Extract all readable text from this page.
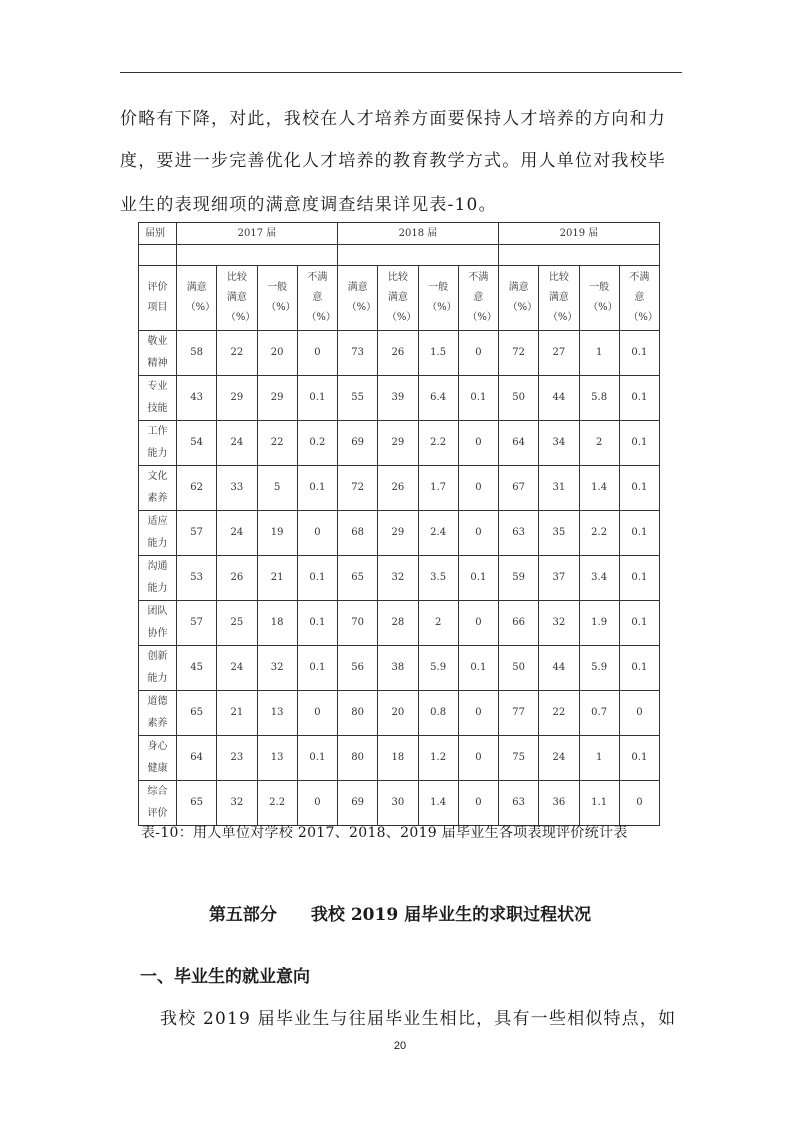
价略有下降，对此，我校在人才培养方面要保持人才培养的方向和力
度，要进一步完善优化人才培养的教育教学方式。用人单位对我校毕
业生的表现细项的满意度调查结果详见表-10。
届别	2017 届				2018 届				2019 届			

评价项目	满意（%）	比较满意（%）	一般（%）	不满意（%）	满意（%）	比较满意（%）	一般（%）	不满意（%）	满意（%）	比较满意（%）	一般（%）	不满意（%）
敬业精神	58	22	20	0	73	26	1.5	0	72	27	1	0.1
专业技能	43	29	29	0.1	55	39	6.4	0.1	50	44	5.8	0.1
工作能力	54	24	22	0.2	69	29	2.2	0	64	34	2	0.1
文化素养	62	33	5	0.1	72	26	1.7	0	67	31	1.4	0.1
适应能力	57	24	19	0	68	29	2.4	0	63	35	2.2	0.1
沟通能力	53	26	21	0.1	65	32	3.5	0.1	59	37	3.4	0.1
团队协作	57	25	18	0.1	70	28	2	0	66	32	1.9	0.1
创新能力	45	24	32	0.1	56	38	5.9	0.1	50	44	5.9	0.1
道德素养	65	21	13	0	80	20	0.8	0	77	22	0.7	0
身心健康	64	23	13	0.1	80	18	1.2	0	75	24	1	0.1
综合评价	65	32	2.2	0	69	30	1.4	0	63	36	1.1	0
表-10：用人单位对学校 2017、2018、2019 届毕业生各项表现评价统计表
第五部分 我校 2019 届毕业生的求职过程状况
一、毕业生的就业意向
我校 2019 届毕业生与往届毕业生相比，具有一些相似特点，如
20
